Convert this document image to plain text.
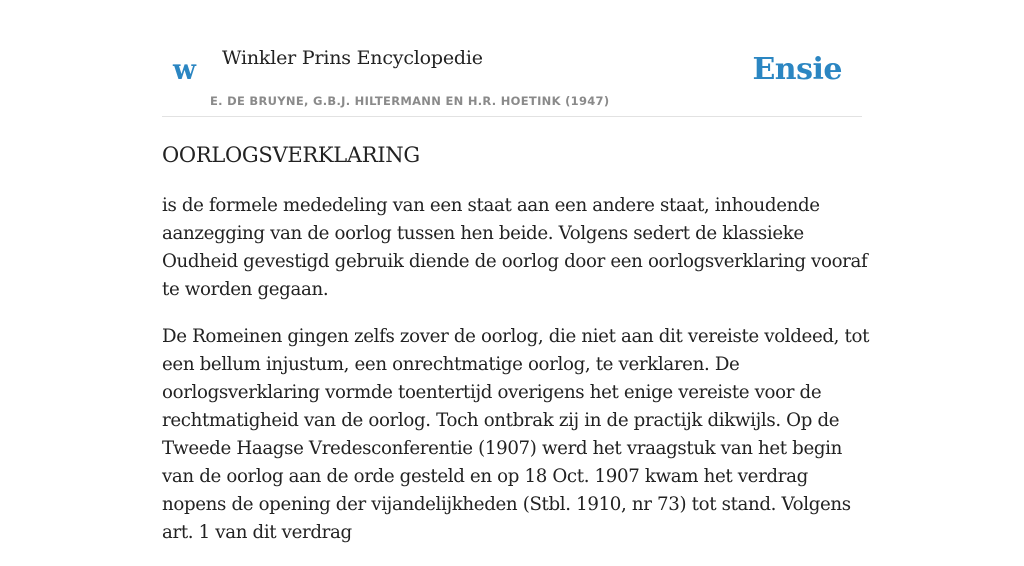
w Winkler Prins Encyclopedie
E. DE BRUYNE, G.B.J. HILTERMANN EN H.R. HOETINK (1947)
Ensie
OORLOGSVERKLARING

is de formele mededeling van een staat aan een andere staat, inhoudende aanzegging van de oorlog tussen hen beide. Volgens sedert de klassieke Oudheid gevestigd gebruik diende de oorlog door een oorlogsverklaring vooraf te worden gegaan.

De Romeinen gingen zelfs zover de oorlog, die niet aan dit vereiste voldeed, tot een bellum injustum, een onrechtmatige oorlog, te verklaren. De oorlogsverklaring vormde toentertijd overigens het enige vereiste voor de rechtmatigheid van de oorlog. Toch ontbrak zij in de practijk dikwijls. Op de Tweede Haagse Vredesconferentie (1907) werd het vraagstuk van het begin van de oorlog aan de orde gesteld en op 18 Oct. 1907 kwam het verdrag nopens de opening der vijandelijkheden (Stbl. 1910, nr 73) tot stand. Volgens art. 1 van dit verdrag
